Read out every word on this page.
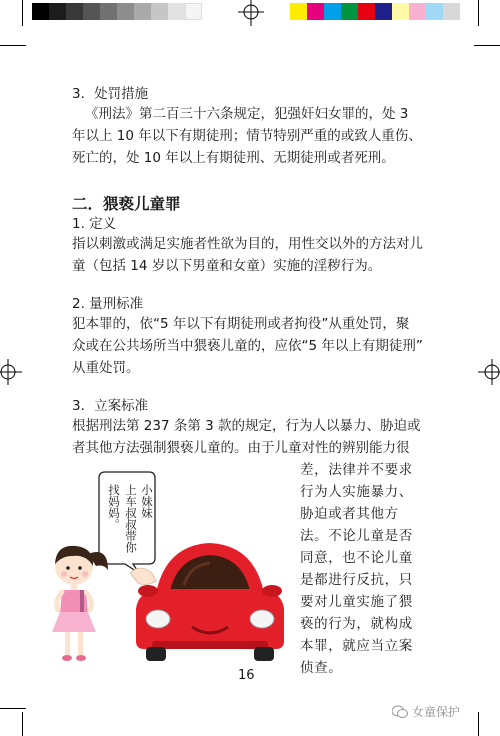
3．处罚措施
《刑法》第二百三十六条规定，犯强奸妇女罪的，处 3
年以上 10 年以下有期徒刑；情节特别严重的或致人重伤、
死亡的，处 10 年以上有期徒刑、无期徒刑或者死刑。
二．猥亵儿童罪
1. 定义
指以刺激或满足实施者性欲为目的，用性交以外的方法对儿
童（包括 14 岁以下男童和女童）实施的淫秽行为。
2. 量刑标准
犯本罪的，依“5 年以下有期徒刑或者拘役”从重处罚，聚
众或在公共场所当中猥亵儿童的，应依“5 年以上有期徒刑”
从重处罚。
3．立案标准
根据刑法第 237 条第 3 款的规定，行为人以暴力、胁迫或
者其他方法强制猥亵儿童的。由于儿童对性的辨别能力很
差，法律并不要求
行为人实施暴力、
胁迫或者其他方
法。不论儿童是否
同意，也不论儿童
是都进行反抗，只
要对儿童实施了猥
亵的行为，就构成
本罪，就应当立案
侦查。
小妹妹
上车叔叔带你
找妈妈。
16
女童保护
